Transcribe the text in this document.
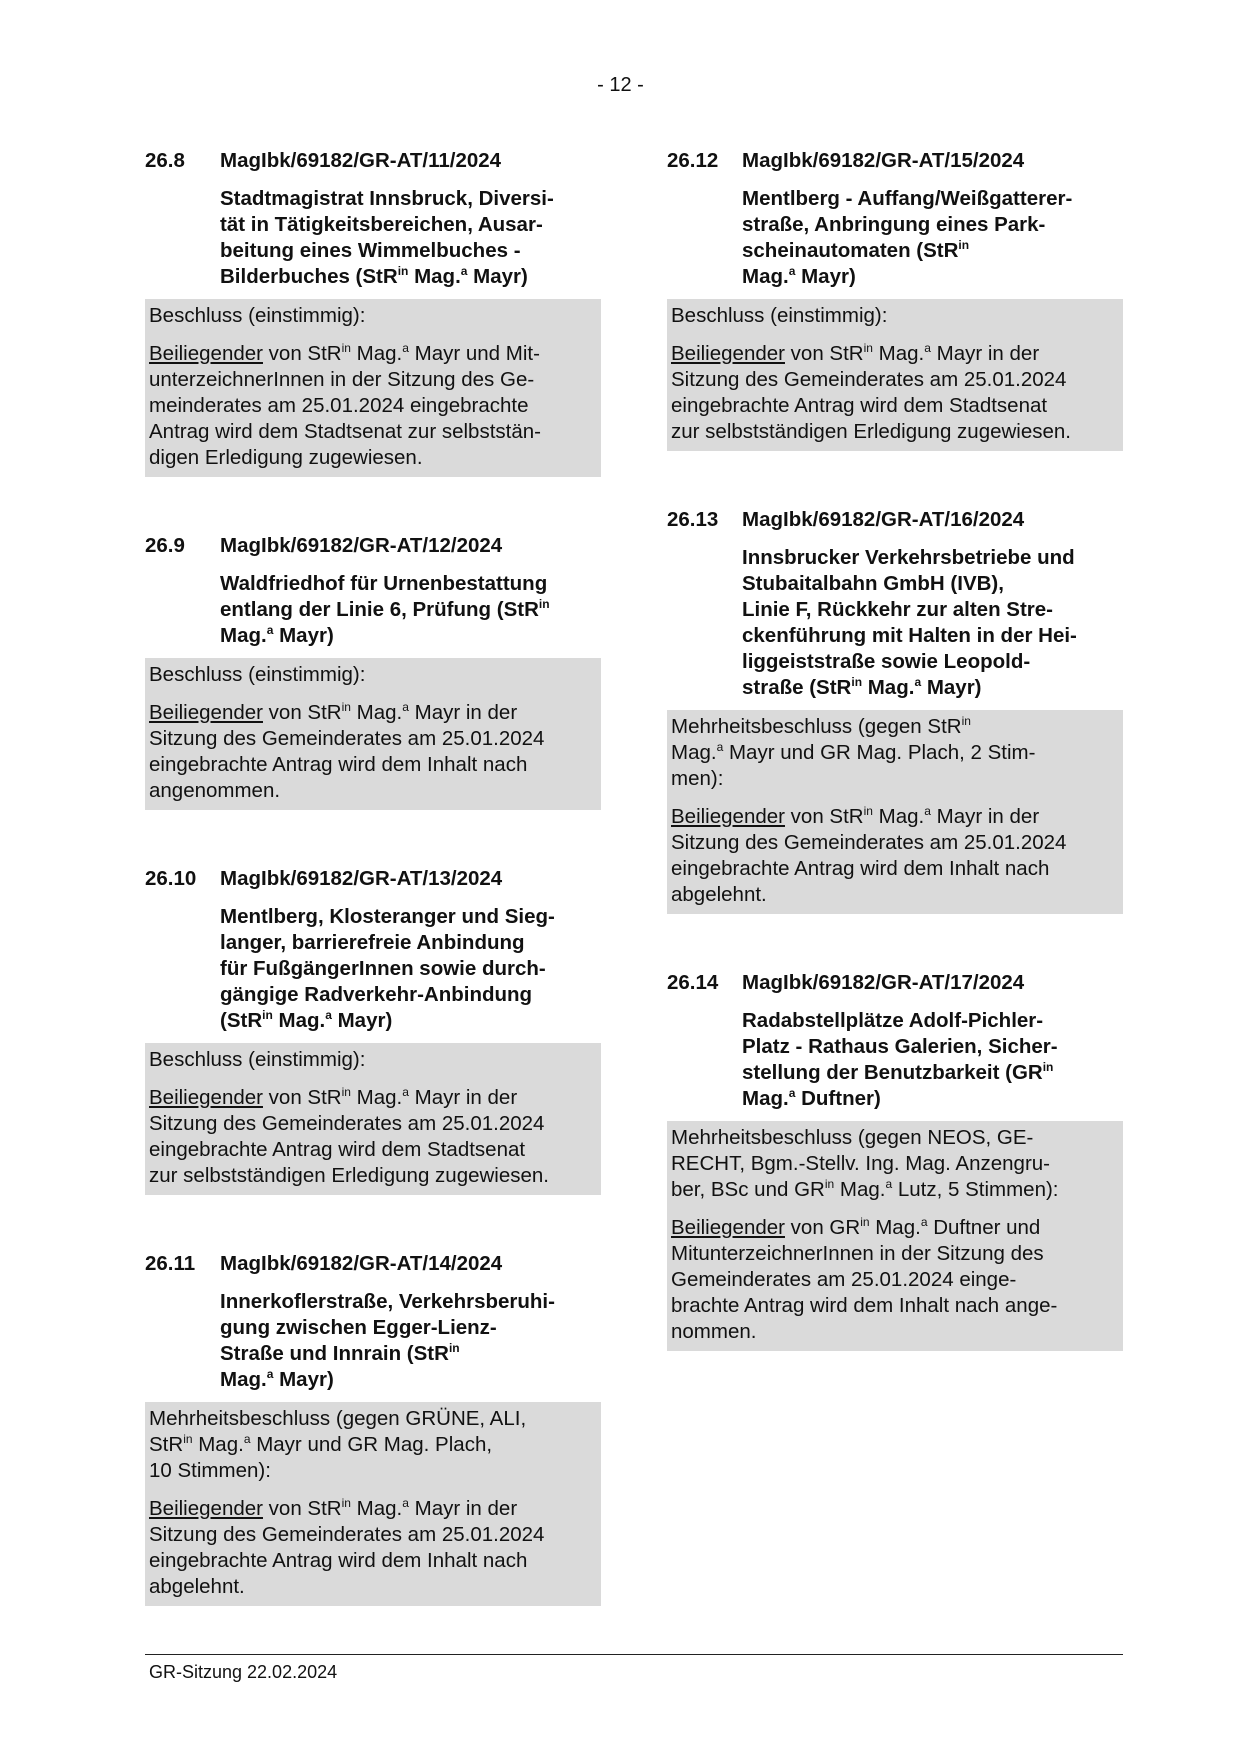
- 12 -
26.8	MagIbk/69182/GR-AT/11/2024
Stadtmagistrat Innsbruck, Diversi-
tät in Tätigkeitsbereichen, Ausar-
beitung eines Wimmelbuches -
Bilderbuches (StR$^{in}$ Mag.$^a$ Mayr)
Beschluss (einstimmig):
Beiliegender von StR$^{in}$ Mag.$^a$ Mayr und Mit-
unterzeichnerInnen in der Sitzung des Ge-
meinderates am 25.01.2024 eingebrachte
Antrag wird dem Stadtsenat zur selbststän-
digen Erledigung zugewiesen.
26.9	MagIbk/69182/GR-AT/12/2024
Waldfriedhof für Urnenbestattung
entlang der Linie 6, Prüfung (StR$^{in}$
Mag.$^a$ Mayr)
Beschluss (einstimmig):
Beiliegender von StR$^{in}$ Mag.$^a$ Mayr in der
Sitzung des Gemeinderates am 25.01.2024
eingebrachte Antrag wird dem Inhalt nach
angenommen.
26.10	MagIbk/69182/GR-AT/13/2024
Mentlberg, Klosteranger und Sieg-
langer, barrierefreie Anbindung
für FußgängerInnen sowie durch-
gängige Radverkehr-Anbindung
(StR$^{in}$ Mag.$^a$ Mayr)
Beschluss (einstimmig):
Beiliegender von StR$^{in}$ Mag.$^a$ Mayr in der
Sitzung des Gemeinderates am 25.01.2024
eingebrachte Antrag wird dem Stadtsenat
zur selbstständigen Erledigung zugewiesen.
26.11	MagIbk/69182/GR-AT/14/2024
Innerkoflerstraße, Verkehrsberuhi-
gung zwischen Egger-Lienz-
Straße und Innrain (StR$^{in}$
Mag.$^a$ Mayr)
Mehrheitsbeschluss (gegen GRÜNE, ALI,
StR$^{in}$ Mag.$^a$ Mayr und GR Mag. Plach,
10 Stimmen):
Beiliegender von StR$^{in}$ Mag.$^a$ Mayr in der
Sitzung des Gemeinderates am 25.01.2024
eingebrachte Antrag wird dem Inhalt nach
abgelehnt.
26.12	MagIbk/69182/GR-AT/15/2024
Mentlberg - Auffang/Weißgatterer-
straße, Anbringung eines Park-
scheinautomaten (StR$^{in}$
Mag.$^a$ Mayr)
Beschluss (einstimmig):
Beiliegender von StR$^{in}$ Mag.$^a$ Mayr in der
Sitzung des Gemeinderates am 25.01.2024
eingebrachte Antrag wird dem Stadtsenat
zur selbstständigen Erledigung zugewiesen.
26.13	MagIbk/69182/GR-AT/16/2024
Innsbrucker Verkehrsbetriebe und
Stubaitalbahn GmbH (IVB),
Linie F, Rückkehr zur alten Stre-
ckenführung mit Halten in der Hei-
liggeiststraße sowie Leopold-
straße (StR$^{in}$ Mag.$^a$ Mayr)
Mehrheitsbeschluss (gegen StR$^{in}$
Mag.$^a$ Mayr und GR Mag. Plach, 2 Stim-
men):
Beiliegender von StR$^{in}$ Mag.$^a$ Mayr in der
Sitzung des Gemeinderates am 25.01.2024
eingebrachte Antrag wird dem Inhalt nach
abgelehnt.
26.14	MagIbk/69182/GR-AT/17/2024
Radabstellplätze Adolf-Pichler-
Platz - Rathaus Galerien, Sicher-
stellung der Benutzbarkeit ($GR^{in}$
Mag.$^a$ Duftner)
Mehrheitsbeschluss (gegen NEOS, GE-
RECHT, Bgm.-Stellv. Ing. Mag. Anzengru-
ber, BSc und $GR^{in}$ Mag.$^a$ Lutz, 5 Stimmen):
Beiliegender von $GR^{in}$ Mag.$^a$ Duftner und
MitunterzeichnerInnen in der Sitzung des
Gemeinderates am 25.01.2024 einge-
brachte Antrag wird dem Inhalt nach ange-
nommen.
GR-Sitzung 22.02.2024
